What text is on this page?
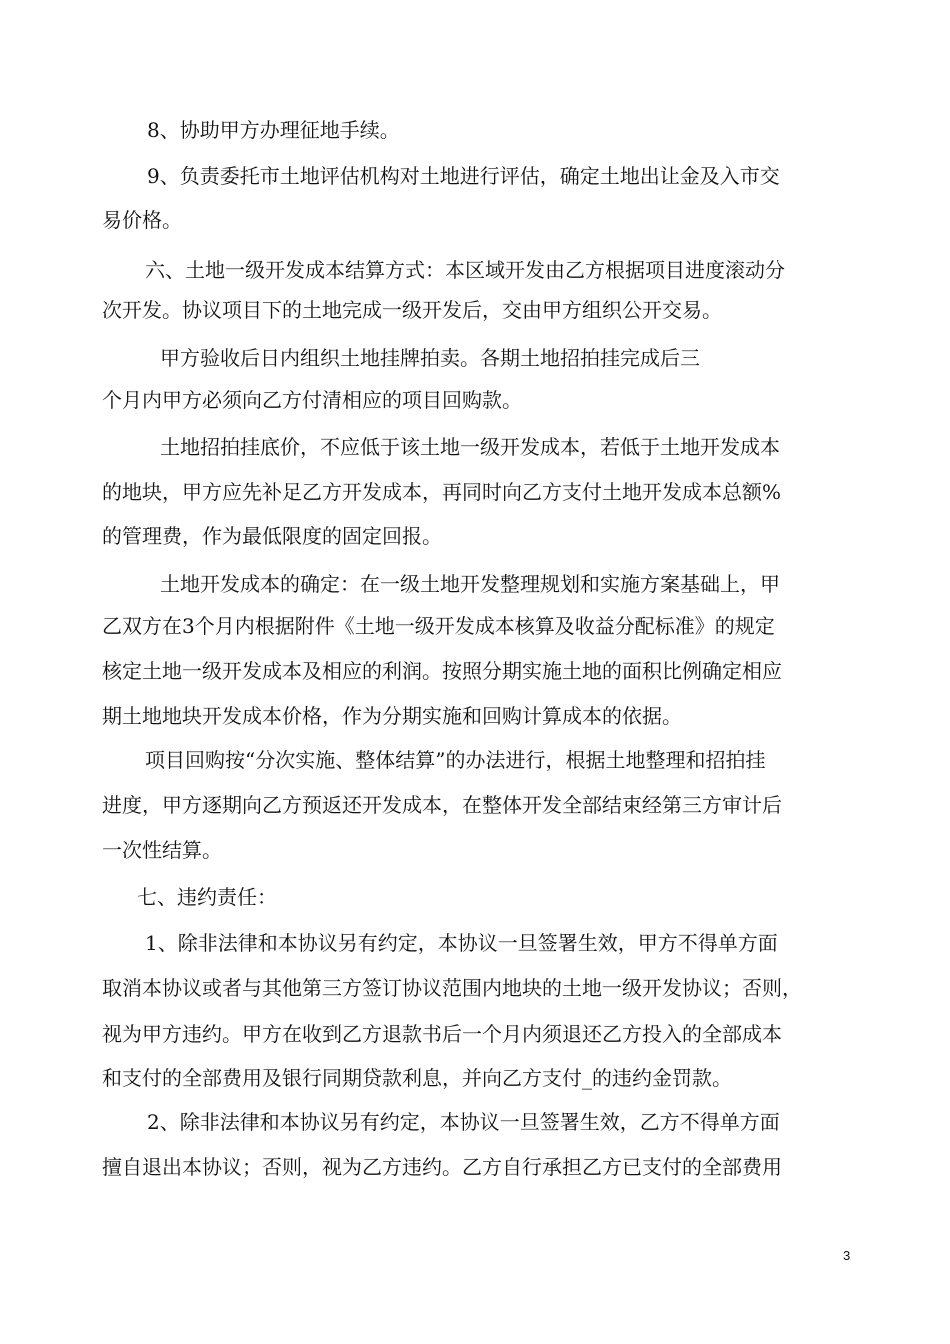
8、协助甲方办理征地手续。
9、负责委托市土地评估机构对土地进行评估，确定土地出让金及入市交
易价格。
六、土地一级开发成本结算方式：本区域开发由乙方根据项目进度滚动分
次开发。协议项目下的土地完成一级开发后，交由甲方组织公开交易。
甲方验收后日内组织土地挂牌拍卖。各期土地招拍挂完成后三
个月内甲方必须向乙方付清相应的项目回购款。
土地招拍挂底价，不应低于该土地一级开发成本，若低于土地开发成本
的地块，甲方应先补足乙方开发成本，再同时向乙方支付土地开发成本总额%
的管理费，作为最低限度的固定回报。
土地开发成本的确定：在一级土地开发整理规划和实施方案基础上，甲
乙双方在3个月内根据附件《土地一级开发成本核算及收益分配标准》的规定
核定土地一级开发成本及相应的利润。按照分期实施土地的面积比例确定相应
期土地地块开发成本价格，作为分期实施和回购计算成本的依据。
项目回购按“分次实施、整体结算”的办法进行，根据土地整理和招拍挂
进度，甲方逐期向乙方预返还开发成本，在整体开发全部结束经第三方审计后
一次性结算。
七、违约责任：
1、除非法律和本协议另有约定，本协议一旦签署生效，甲方不得单方面
取消本协议或者与其他第三方签订协议范围内地块的土地一级开发协议；否则，
视为甲方违约。甲方在收到乙方退款书后一个月内须退还乙方投入的全部成本
和支付的全部费用及银行同期贷款利息，并向乙方支付_的违约金罚款。
2、除非法律和本协议另有约定，本协议一旦签署生效，乙方不得单方面
擅自退出本协议；否则，视为乙方违约。乙方自行承担乙方已支付的全部费用
3
